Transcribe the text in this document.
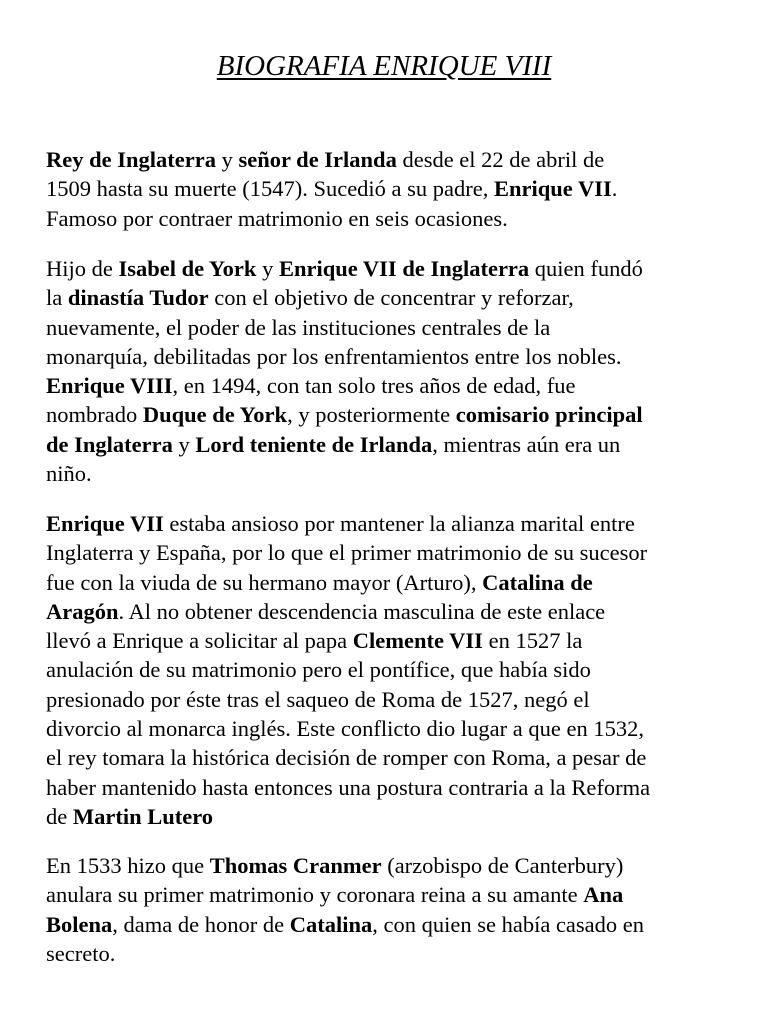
BIOGRAFIA ENRIQUE VIII

Rey de Inglaterra y señor de Irlanda desde el 22 de abril de
1509 hasta su muerte (1547). Sucedió a su padre, Enrique VII.
Famoso por contraer matrimonio en seis ocasiones.

Hijo de Isabel de York y Enrique VII de Inglaterra quien fundó
la dinastía Tudor con el objetivo de concentrar y reforzar,
nuevamente, el poder de las instituciones centrales de la
monarquía, debilitadas por los enfrentamientos entre los nobles.
Enrique VIII, en 1494, con tan solo tres años de edad, fue
nombrado Duque de York, y posteriormente comisario principal
de Inglaterra y Lord teniente de Irlanda, mientras aún era un
niño.

Enrique VII estaba ansioso por mantener la alianza marital entre
Inglaterra y España, por lo que el primer matrimonio de su sucesor
fue con la viuda de su hermano mayor (Arturo), Catalina de
Aragón. Al no obtener descendencia masculina de este enlace
llevó a Enrique a solicitar al papa Clemente VII en 1527 la
anulación de su matrimonio pero el pontífice, que había sido
presionado por éste tras el saqueo de Roma de 1527, negó el
divorcio al monarca inglés. Este conflicto dio lugar a que en 1532,
el rey tomara la histórica decisión de romper con Roma, a pesar de
haber mantenido hasta entonces una postura contraria a la Reforma
de Martin Lutero

En 1533 hizo que Thomas Cranmer (arzobispo de Canterbury)
anulara su primer matrimonio y coronara reina a su amante Ana
Bolena, dama de honor de Catalina, con quien se había casado en
secreto.
